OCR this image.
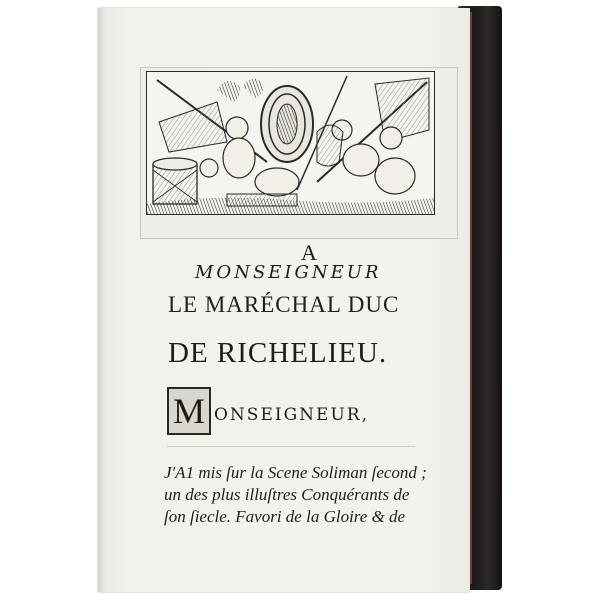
A
MONSEIGNEUR
LE MARÉCHAL DUC
DE RICHELIEU.
M ONSEIGNEUR,
J'A1 mis ſur la Scene Soliman ſecond ;
un des plus illuſtres Conquérants de
ſon ſiecle. Favori de la Gloire & de
